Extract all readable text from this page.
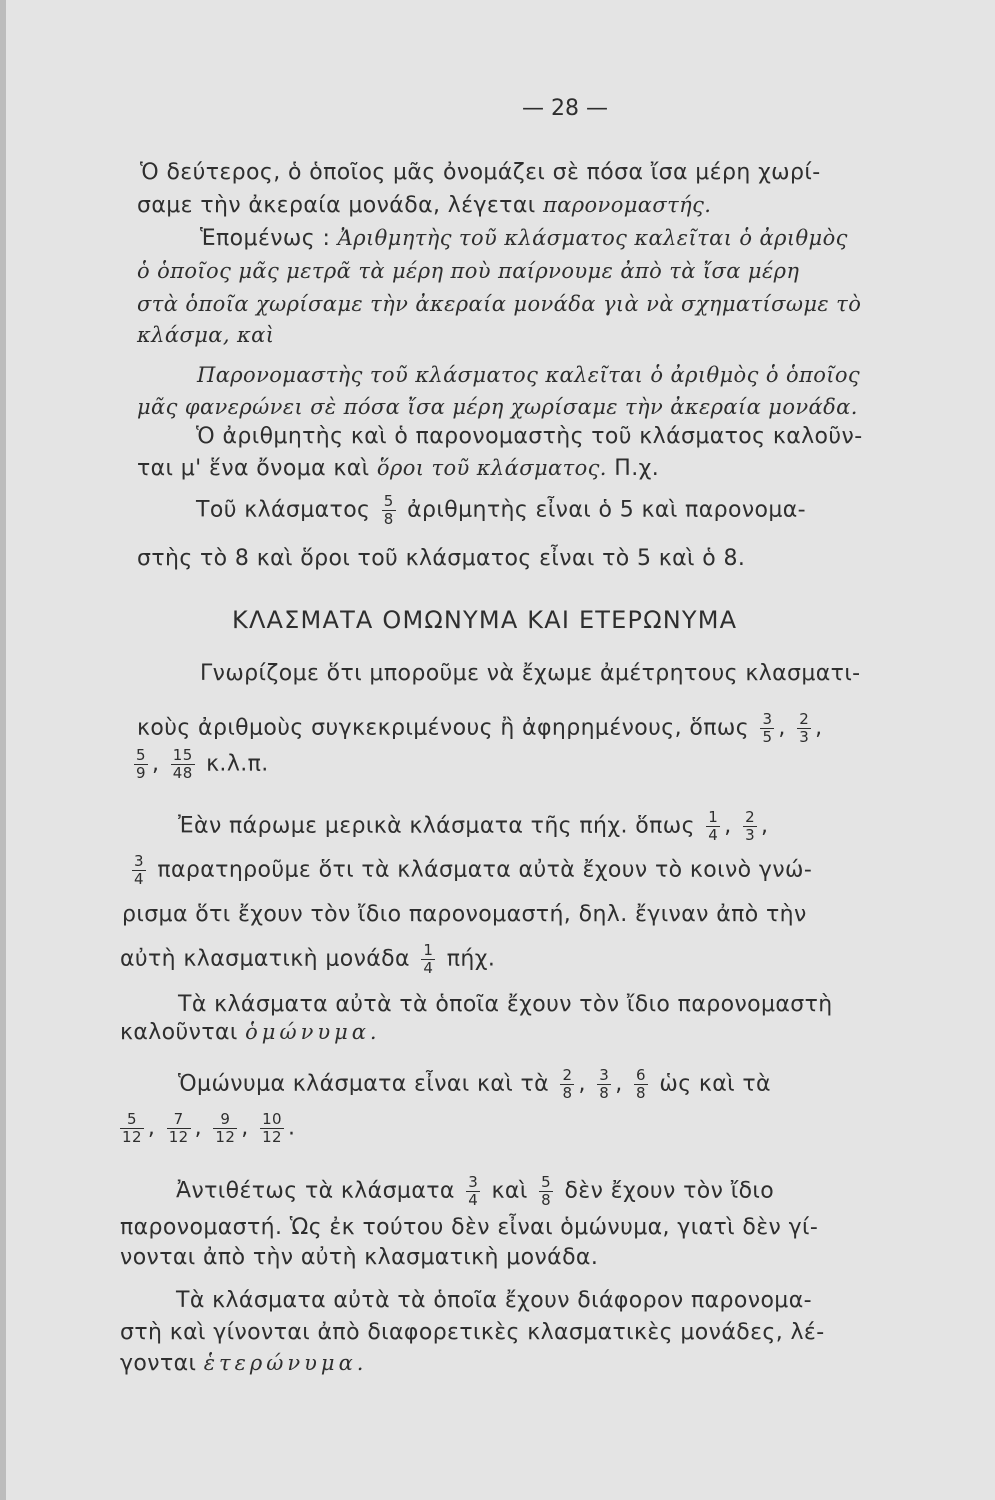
— 28 —
Ὁ δεύτερος, ὁ ὁποῖος μᾶς ὀνομάζει σὲ πόσα ἴσα μέρη χωρί-
σαμε τὴν ἀκεραία μονάδα, λέγεται παρονομαστής.
Ἑπομένως : Ἀριθμητὴς τοῦ κλάσματος καλεῖται ὁ ἀριθμὸς
ὁ ὁποῖος μᾶς μετρᾶ τὰ μέρη ποὺ παίρνουμε ἀπὸ τὰ ἴσα μέρη
στὰ ὁποῖα χωρίσαμε τὴν ἀκεραία μονάδα γιὰ νὰ σχηματίσωμε τὸ
κλάσμα, καὶ
Παρονομαστὴς τοῦ κλάσματος καλεῖται ὁ ἀριθμὸς ὁ ὁποῖος
μᾶς φανερώνει σὲ πόσα ἴσα μέρη χωρίσαμε τὴν ἀκεραία μονάδα.
Ὁ ἀριθμητὴς καὶ ὁ παρονομαστὴς τοῦ κλάσματος καλοῦν-
ται μ' ἕνα ὄνομα καὶ ὅροι τοῦ κλάσματος. Π.χ.
Τοῦ κλάσματος $\frac{5}{8}$ ἀριθμητὴς εἶναι ὁ 5 καὶ παρονομα-
στὴς τὸ 8 καὶ ὅροι τοῦ κλάσματος εἶναι τὸ 5 καὶ ὁ 8.
ΚΛΑΣΜΑΤΑ ΟΜΩΝΥΜΑ ΚΑΙ ΕΤΕΡΩΝΥΜΑ
Γνωρίζομε ὅτι μποροῦμε νὰ ἔχωμε ἀμέτρητους κλασματι-
κοὺς ἀριθμοὺς συγκεκριμένους ἢ ἀφηρημένους, ὅπως $\frac{3}{5}$ , $\frac{2}{3}$ ,
$\frac{5}{9}$ , $\frac{15}{48} \kappa.\lambda.\pi$.
Ἐὰν πάρωμε μερικὰ κλάσματα τῆς πήχ. ὅπως $\frac{1}{4}$ , $\frac{2}{3}$ ,
$\frac{3}{4}$ παρατηροῦμε ὅτι τὰ κλάσματα αὐτὰ ἔχουν τὸ κοινὸ γνώ-
ρισμα ὅτι ἔχουν τὸν ἴδιο παρονομαστή, δηλ. ἔγιναν ἀπὸ τὴν
αὐτὴ κλασματικὴ μονάδα $\frac{1}{4} \pi ή\chi$.
Τὰ κλάσματα αὐτὰ τὰ ὁποῖα ἔχουν τὸν ἴδιο παρονομαστὴ
καλοῦνται ὁμώνυμα.
Ὁμώνυμα κλάσματα εἶναι καὶ τὰ $\frac{2}{8}$ , $\frac{3}{8}$ , $\frac{6}{8}$ ὡς καὶ τὰ
$\frac{5}{12}$ , $\frac{7}{12}$ , $\frac{9}{12}$ , $\frac{10}{12}$ .
Ἀντιθέτως τὰ κλάσματα $\frac{3}{4}$ καὶ $\frac{5}{8}$ δὲν ἔχουν τὸν ἴδιο
παρονομαστή. Ὡς ἐκ τούτου δὲν εἶναι ὁμώνυμα, γιατὶ δὲν γί-
νονται ἀπὸ τὴν αὐτὴ κλασματικὴ μονάδα.
Τὰ κλάσματα αὐτὰ τὰ ὁποῖα ἔχουν διάφορον παρονομα-
στὴ καὶ γίνονται ἀπὸ διαφορετικὲς κλασματικὲς μονάδες, λέ-
γονται ἑτερώνυμα.
